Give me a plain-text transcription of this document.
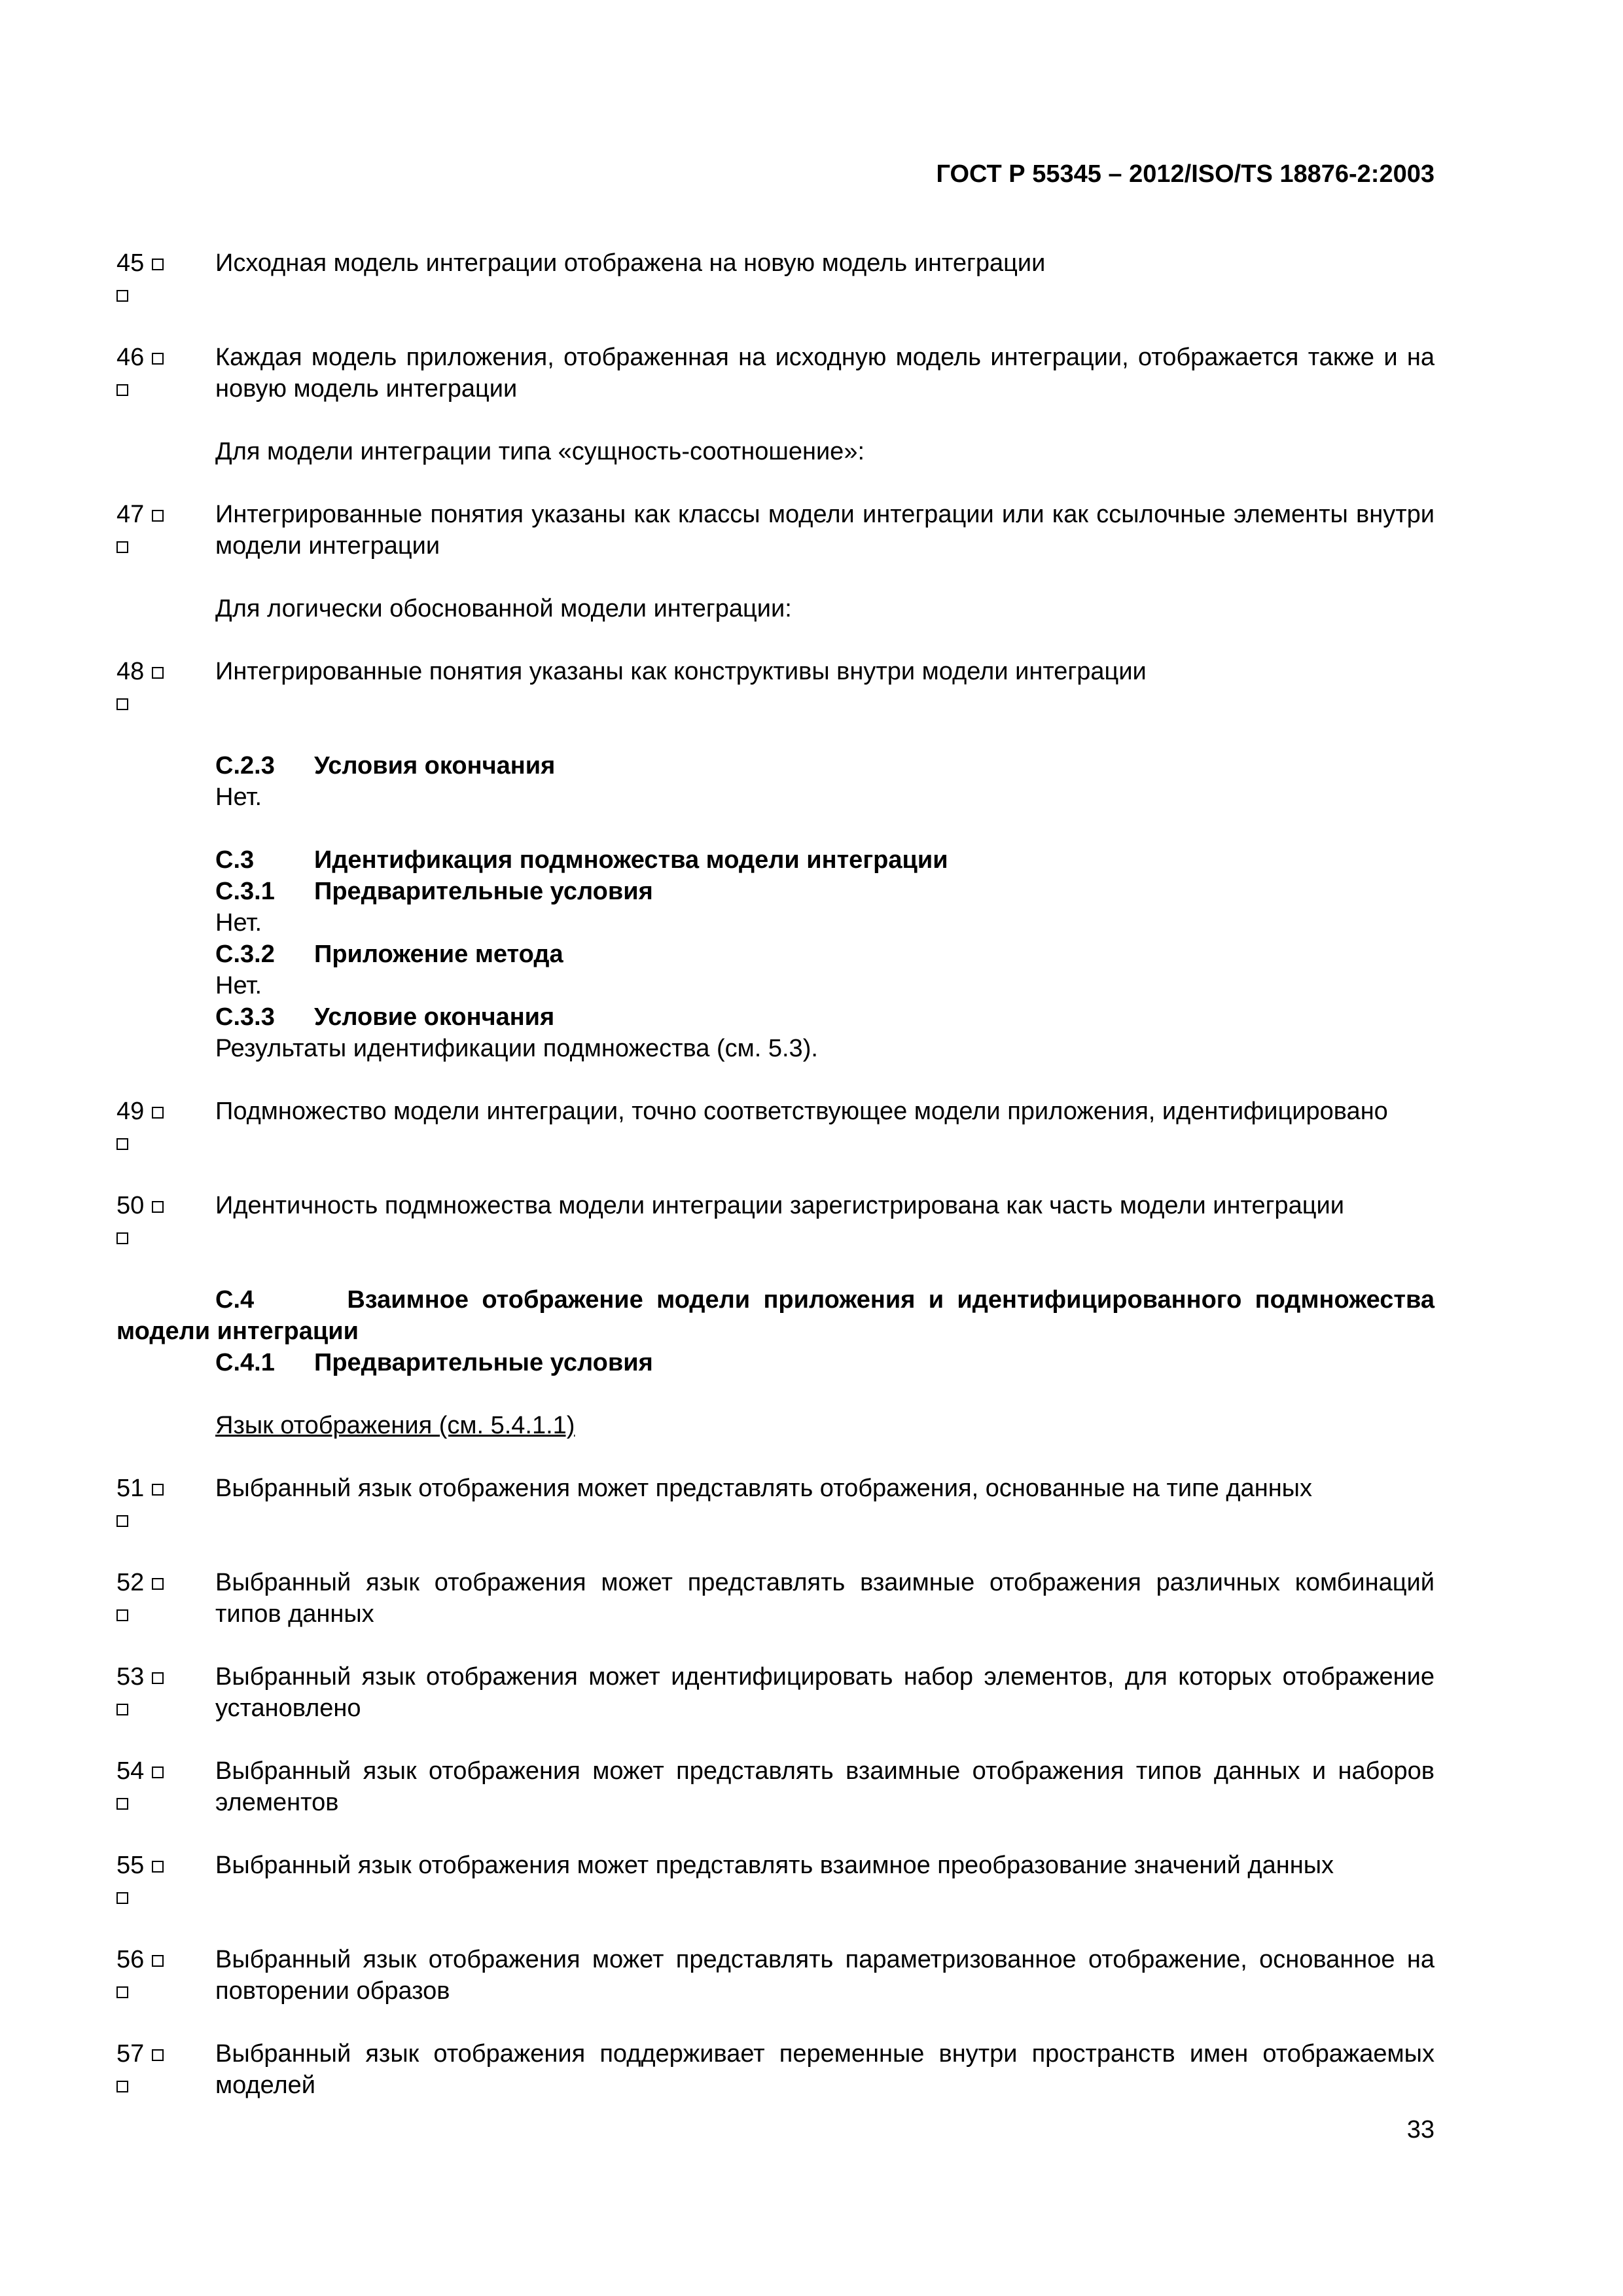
ГОСТ Р 55345 – 2012/ISO/TS 18876-2:2003
45	Исходная модель интеграции отображена на новую модель интеграции
46	Каждая модель приложения, отображенная на исходную модель интеграции, отображается также и на новую модель интеграции
Для модели интеграции типа «сущность-соотношение»:
47	Интегрированные понятия указаны как классы модели интеграции или как ссылочные элементы внутри модели интеграции
Для логически обоснованной модели интеграции:
48	Интегрированные понятия указаны как конструктивы внутри модели интеграции
С.2.3 Условия окончания
Нет.
С.3 Идентификация подмножества модели интеграции
С.3.1 Предварительные условия
Нет.
С.3.2 Приложение метода
Нет.
С.3.3 Условие окончания
Результаты идентификации подмножества (см. 5.3).
49	Подмножество модели интеграции, точно соответствующее модели приложения, идентифицировано
50	Идентичность подмножества модели интеграции зарегистрирована как часть модели интеграции
С.4	Взаимное отображение модели приложения и идентифицированного подмножества модели интеграции
С.4.1 Предварительные условия
Язык отображения (см. 5.4.1.1)
51	Выбранный язык отображения может представлять отображения, основанные на типе данных
52	Выбранный язык отображения может представлять взаимные отображения различных комбинаций типов данных
53	Выбранный язык отображения может идентифицировать набор элементов, для которых отображение установлено
54	Выбранный язык отображения может представлять взаимные отображения типов данных и наборов элементов
55	Выбранный язык отображения может представлять взаимное преобразование значений данных
56	Выбранный язык отображения может представлять параметризованное отображение, основанное на повторении образов
57	Выбранный язык отображения поддерживает переменные внутри пространств имен отображаемых моделей
33
